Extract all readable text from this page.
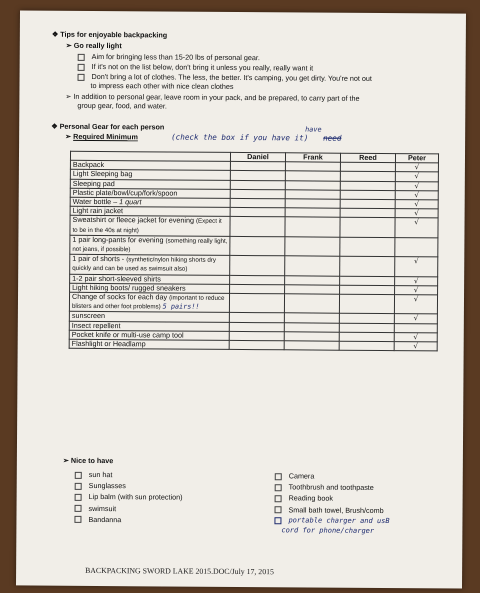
❖ Tips for enjoyable backpacking
➢ Go really light
Aim for bringing less than 15-20 lbs of personal gear.
If it's not on the list below, don't bring it unless you really, really want it
Don't bring a lot of clothes. The less, the better. It's camping, you get dirty. You're not out
to impress each other with nice clean clothes
➢ In addition to personal gear, leave room in your pack, and be prepared, to carry part of the
group gear, food, and water.
❖ Personal Gear for each person
➢ Required Minimum	(check the box if you have it)
have
need
	Daniel	Frank	Reed	Peter
Backpack				√
Light Sleeping bag				√
Sleeping pad				√
Plastic plate/bowl/cup/fork/spoon				√
Water bottle – 1 quart				√
Light rain jacket				√
Sweatshirt or fleece jacket for evening (Expect it to be in the 40s at night)				√
1 pair long-pants for evening (something really light, not jeans, if possible)				
1 pair of shorts - (synthetic/nylon hiking shorts dry quickly and can be used as swimsuit also)				√
1-2 pair short-sleeved shirts				√
Light hiking boots/ rugged sneakers				√
Change of socks for each day (important to reduce blisters and other foot problems) 5 pairs!!				√
sunscreen				√
Insect repellent				
Pocket knife or multi-use camp tool				√
Flashlight or Headlamp				√
➢ Nice to have
sun hat
Sunglasses
Lip balm (with sun protection)
swimsuit
Bandanna
Camera
Toothbrush and toothpaste
Reading book
Small bath towel, Brush/comb
portable charger and usB
cord for phone/charger
BACKPACKING SWORD LAKE 2015.DOC/July 17, 2015
